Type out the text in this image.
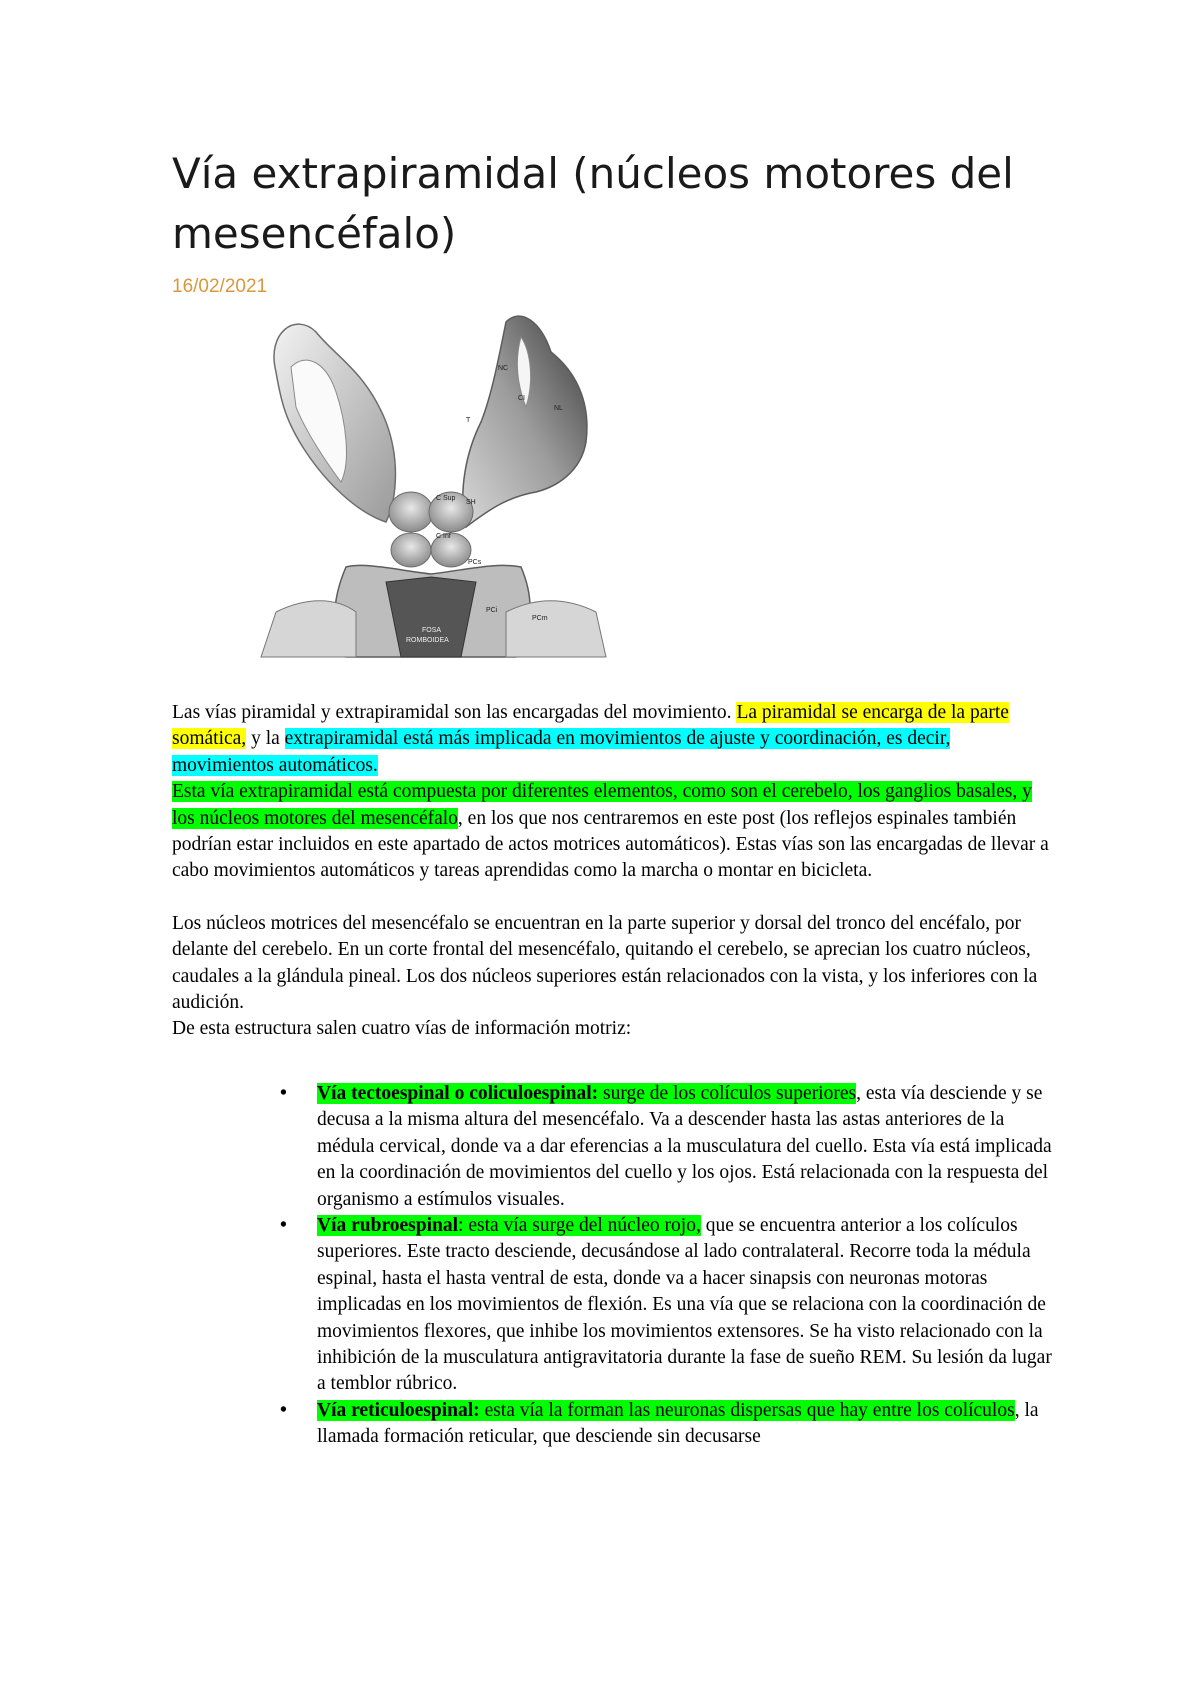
Vía extrapiramidal (núcleos motores del mesencéfalo)
16/02/2021
NC
CI
NL
T
C Sup
SH
C Inf
PCs
PCi
PCm
FOSA
ROMBOIDEA

Las vías piramidal y extrapiramidal son las encargadas del movimiento. La piramidal se encarga de la parte somática, y la extrapiramidal está más implicada en movimientos de ajuste y coordinación, es decir, movimientos automáticos.

Esta vía extrapiramidal está compuesta por diferentes elementos, como son el cerebelo, los ganglios basales, y los núcleos motores del mesencéfalo, en los que nos centraremos en este post (los reflejos espinales también podrían estar incluidos en este apartado de actos motrices automáticos). Estas vías son las encargadas de llevar a cabo movimientos automáticos y tareas aprendidas como la marcha o montar en bicicleta.

Los núcleos motrices del mesencéfalo se encuentran en la parte superior y dorsal del tronco del encéfalo, por delante del cerebelo. En un corte frontal del mesencéfalo, quitando el cerebelo, se aprecian los cuatro núcleos, caudales a la glándula pineal. Los dos núcleos superiores están relacionados con la vista, y los inferiores con la audición.

De esta estructura salen cuatro vías de información motriz:

• Vía tectoespinal o coliculoespinal: surge de los colículos superiores, esta vía desciende y se decusa a la misma altura del mesencéfalo. Va a descender hasta las astas anteriores de la médula cervical, donde va a dar eferencias a la musculatura del cuello. Esta vía está implicada en la coordinación de movimientos del cuello y los ojos. Está relacionada con la respuesta del organismo a estímulos visuales.
• Vía rubroespinal: esta vía surge del núcleo rojo, que se encuentra anterior a los colículos superiores. Este tracto desciende, decusándose al lado contralateral. Recorre toda la médula espinal, hasta el hasta ventral de esta, donde va a hacer sinapsis con neuronas motoras implicadas en los movimientos de flexión. Es una vía que se relaciona con la coordinación de movimientos flexores, que inhibe los movimientos extensores. Se ha visto relacionado con la inhibición de la musculatura antigravitatoria durante la fase de sueño REM. Su lesión da lugar a temblor rúbrico.
• Vía reticuloespinal: esta vía la forman las neuronas dispersas que hay entre los colículos, la llamada formación reticular, que desciende sin decusarse
